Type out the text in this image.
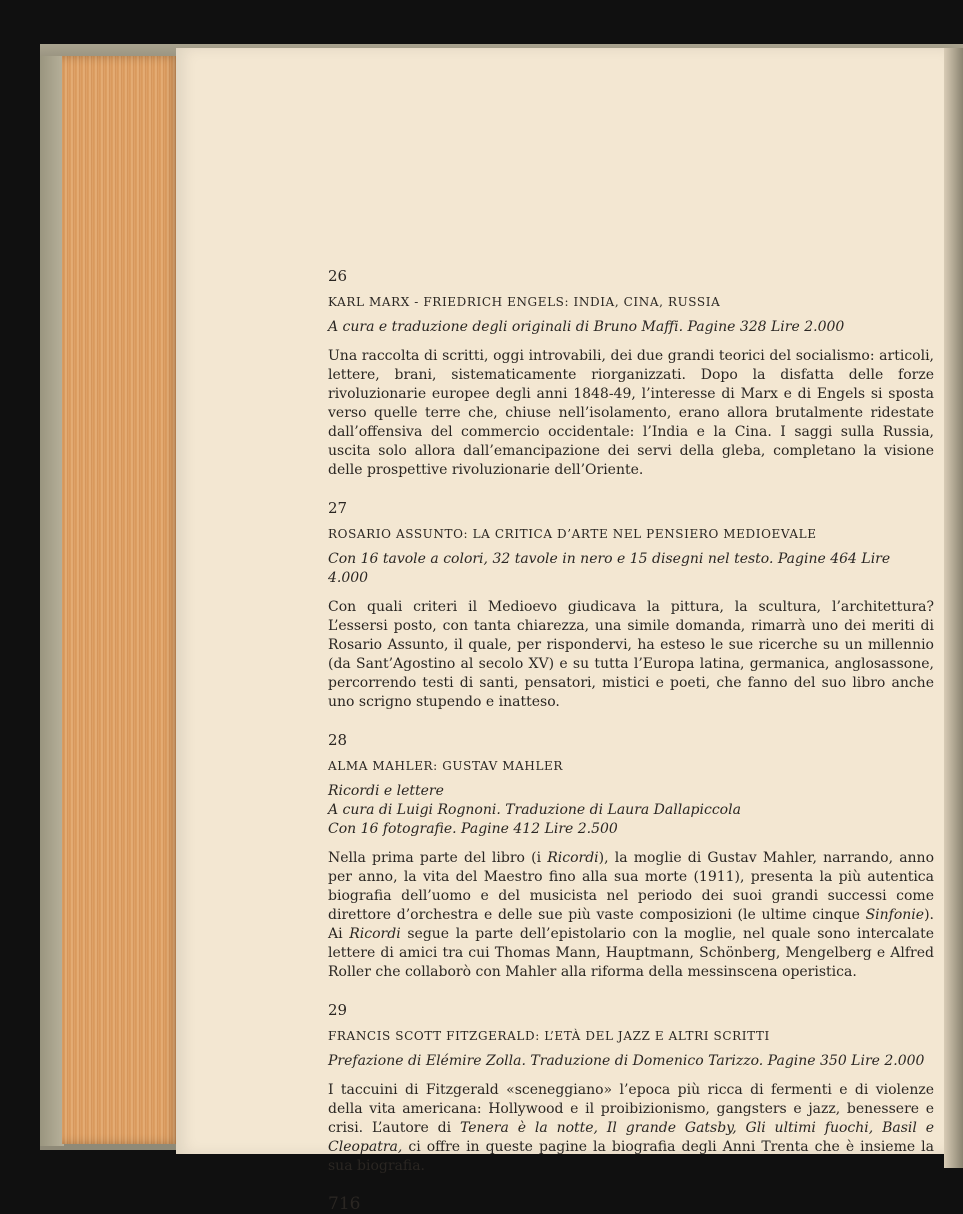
26
KARL MARX - FRIEDRICH ENGELS: INDIA, CINA, RUSSIA
A cura e traduzione degli originali di Bruno Maffi. Pagine 328 Lire 2.000
Una raccolta di scritti, oggi introvabili, dei due grandi teorici del socialismo: articoli, lettere, brani, sistematicamente riorganizzati. Dopo la disfatta delle forze rivoluzionarie europee degli anni 1848-49, l’interesse di Marx e di Engels si sposta verso quelle terre che, chiuse nell’isolamento, erano allora brutalmente ridestate dall’offensiva del commercio occidentale: l’India e la Cina. I saggi sulla Russia, uscita solo allora dall’emancipazione dei servi della gleba, completano la visione delle prospettive rivoluzionarie dell’Oriente.
27
ROSARIO ASSUNTO: LA CRITICA D’ARTE NEL PENSIERO MEDIOEVALE
Con 16 tavole a colori, 32 tavole in nero e 15 disegni nel testo. Pagine 464 Lire 4.000
Con quali criteri il Medioevo giudicava la pittura, la scultura, l’architettura? L’essersi posto, con tanta chiarezza, una simile domanda, rimarrà uno dei meriti di Rosario Assunto, il quale, per rispondervi, ha esteso le sue ricerche su un millennio (da Sant’Agostino al secolo XV) e su tutta l’Europa latina, germanica, anglosassone, percorrendo testi di santi, pensatori, mistici e poeti, che fanno del suo libro anche uno scrigno stupendo e inatteso.
28
ALMA MAHLER: GUSTAV MAHLER
Ricordi e lettere
A cura di Luigi Rognoni. Traduzione di Laura Dallapiccola
Con 16 fotografie. Pagine 412 Lire 2.500
Nella prima parte del libro (i Ricordi), la moglie di Gustav Mahler, narrando, anno per anno, la vita del Maestro fino alla sua morte (1911), presenta la più autentica biografia dell’uomo e del musicista nel periodo dei suoi grandi successi come direttore d’orchestra e delle sue più vaste composizioni (le ultime cinque Sinfonie). Ai Ricordi segue la parte dell’epistolario con la moglie, nel quale sono intercalate lettere di amici tra cui Thomas Mann, Hauptmann, Schönberg, Mengelberg e Alfred Roller che collaborò con Mahler alla riforma della messinscena operistica.
29
FRANCIS SCOTT FITZGERALD: L’ETÀ DEL JAZZ E ALTRI SCRITTI
Prefazione di Elémire Zolla. Traduzione di Domenico Tarizzo. Pagine 350 Lire 2.000
I taccuini di Fitzgerald «sceneggiano» l’epoca più ricca di fermenti e di violenze della vita americana: Hollywood e il proibizionismo, gangsters e jazz, benessere e crisi. L’autore di Tenera è la notte, Il grande Gatsby, Gli ultimi fuochi, Basil e Cleopatra, ci offre in queste pagine la biografia degli Anni Trenta che è insieme la sua biografia.
716
